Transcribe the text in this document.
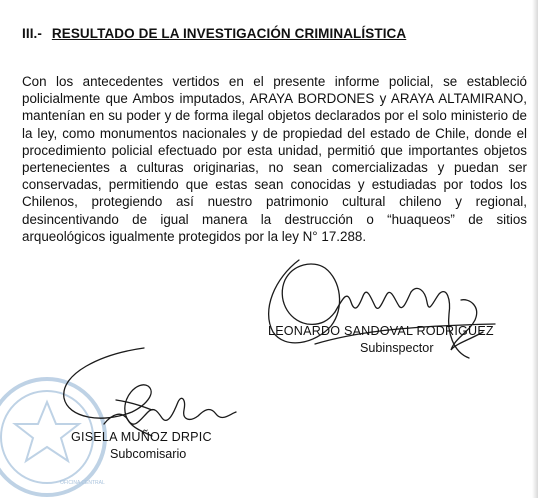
III.- RESULTADO DE LA INVESTIGACIÓN CRIMINALÍSTICA
Con los antecedentes vertidos en el presente informe policial, se estableció policialmente que Ambos imputados, ARAYA BORDONES y ARAYA ALTAMIRANO, mantenían en su poder y de forma ilegal objetos declarados por el solo ministerio de la ley, como monumentos nacionales y de propiedad del estado de Chile, donde el procedimiento policial efectuado por esta unidad, permitió que importantes objetos pertenecientes a culturas originarias, no sean comercializadas y puedan ser conservadas, permitiendo que estas sean conocidas y estudiadas por todos los Chilenos, protegiendo así nuestro patrimonio cultural chileno y regional, desincentivando de igual manera la destrucción o “huaqueos” de sitios arqueológicos igualmente protegidos por la ley N° 17.288.
OFICINA CENTRAL
LEONARDO SANDOVAL RODRIGUEZ
Subinspector
GISELA MUÑOZ DRPIC
Subcomisario
